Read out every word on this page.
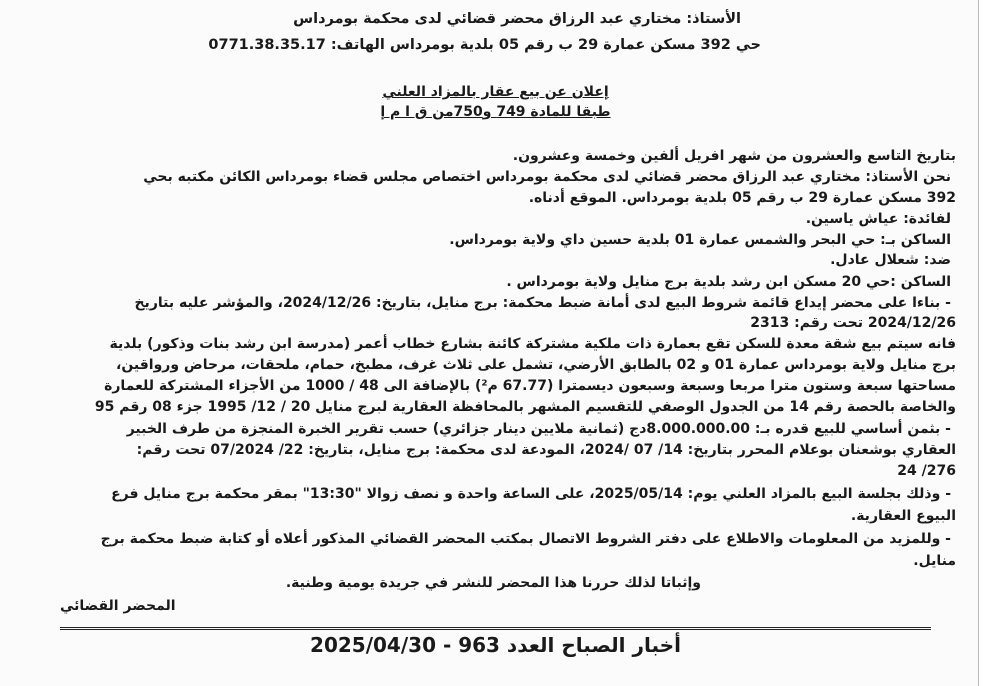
الأستاذ: مختاري عبد الرزاق محضر قضائي لدى محكمة بومرداس
حي 392 مسكن عمارة 29 ب رقم 05 بلدية بومرداس الهاتف: 0771.38.35.17
إعلان عن بيع عقار بالمزاد العلني
طبقا للمادة 749 و750من ق ا م إ
بتاريخ التاسع والعشرون من شهر افريل ألفين وخمسة وعشرون.
نحن الأستاذ: مختاري عبد الرزاق محضر قضائي لدى محكمة بومرداس اختصاص مجلس قضاء بومرداس الكائن مكتبه بحي
392 مسكن عمارة 29 ب رقم 05 بلدية بومرداس. الموقع أدناه.
لفائدة: عياش ياسين.
الساكن بـ: حي البحر والشمس عمارة 01 بلدية حسين داي ولاية بومرداس.
ضد: شعلال عادل.
الساكن :حي 20 مسكن ابن رشد بلدية برج منايل ولاية بومرداس .
- بناءا على محضر إيداع قائمة شروط البيع لدى أمانة ضبط محكمة: برج منايل، بتاريخ: 2024/12/26، والمؤشر عليه بتاريخ
2024/12/26 تحت رقم: 2313
فانه سيتم بيع شقة معدة للسكن تقع بعمارة ذات ملكية مشتركة كائنة بشارع خطاب أعمر (مدرسة ابن رشد بنات وذكور) بلدية
برج منايل ولاية بومرداس عمارة 01 و 02 بالطابق الأرضي، تشمل على ثلاث غرف، مطبخ، حمام، ملحقات، مرحاض ورواقين،
مساحتها سبعة وستون مترا مربعا وسبعة وسبعون ديسمترا (67.77 م²) بالإضافة الى 48 / 1000 من الأجزاء المشتركة للعمارة
والخاصة بالحصة رقم 14 من الجدول الوصفي للتقسيم المشهر بالمحافظة العقارية لبرج منايل 20 / 12/ 1995 جزء 08 رقم 95
- بثمن أساسي للبيع قدره بـ: 8.000.000.00دج (ثمانية ملايين دينار جزائري) حسب تقرير الخبرة المنجزة من طرف الخبير
العقاري بوشعنان بوعلام المحرر بتاريخ: 14/ 07 /2024، المودعة لدى محكمة: برج منايل، بتاريخ: 22/ 07/2024 تحت رقم:
276/ 24
- وذلك بجلسة البيع بالمزاد العلني يوم: 2025/05/14، على الساعة واحدة و نصف زوالا "13:30" بمقر محكمة برج منايل فرع
البيوع العقارية.
- وللمزيد من المعلومات والاطلاع على دفتر الشروط الاتصال بمكتب المحضر القضائي المذكور أعلاه أو كتابة ضبط محكمة برج
منايل.
وإثباتا لذلك حررنا هذا المحضر للنشر في جريدة يومية وطنية.
المحضر القضائي
أخبار الصباح العدد 963 - 2025/04/30
